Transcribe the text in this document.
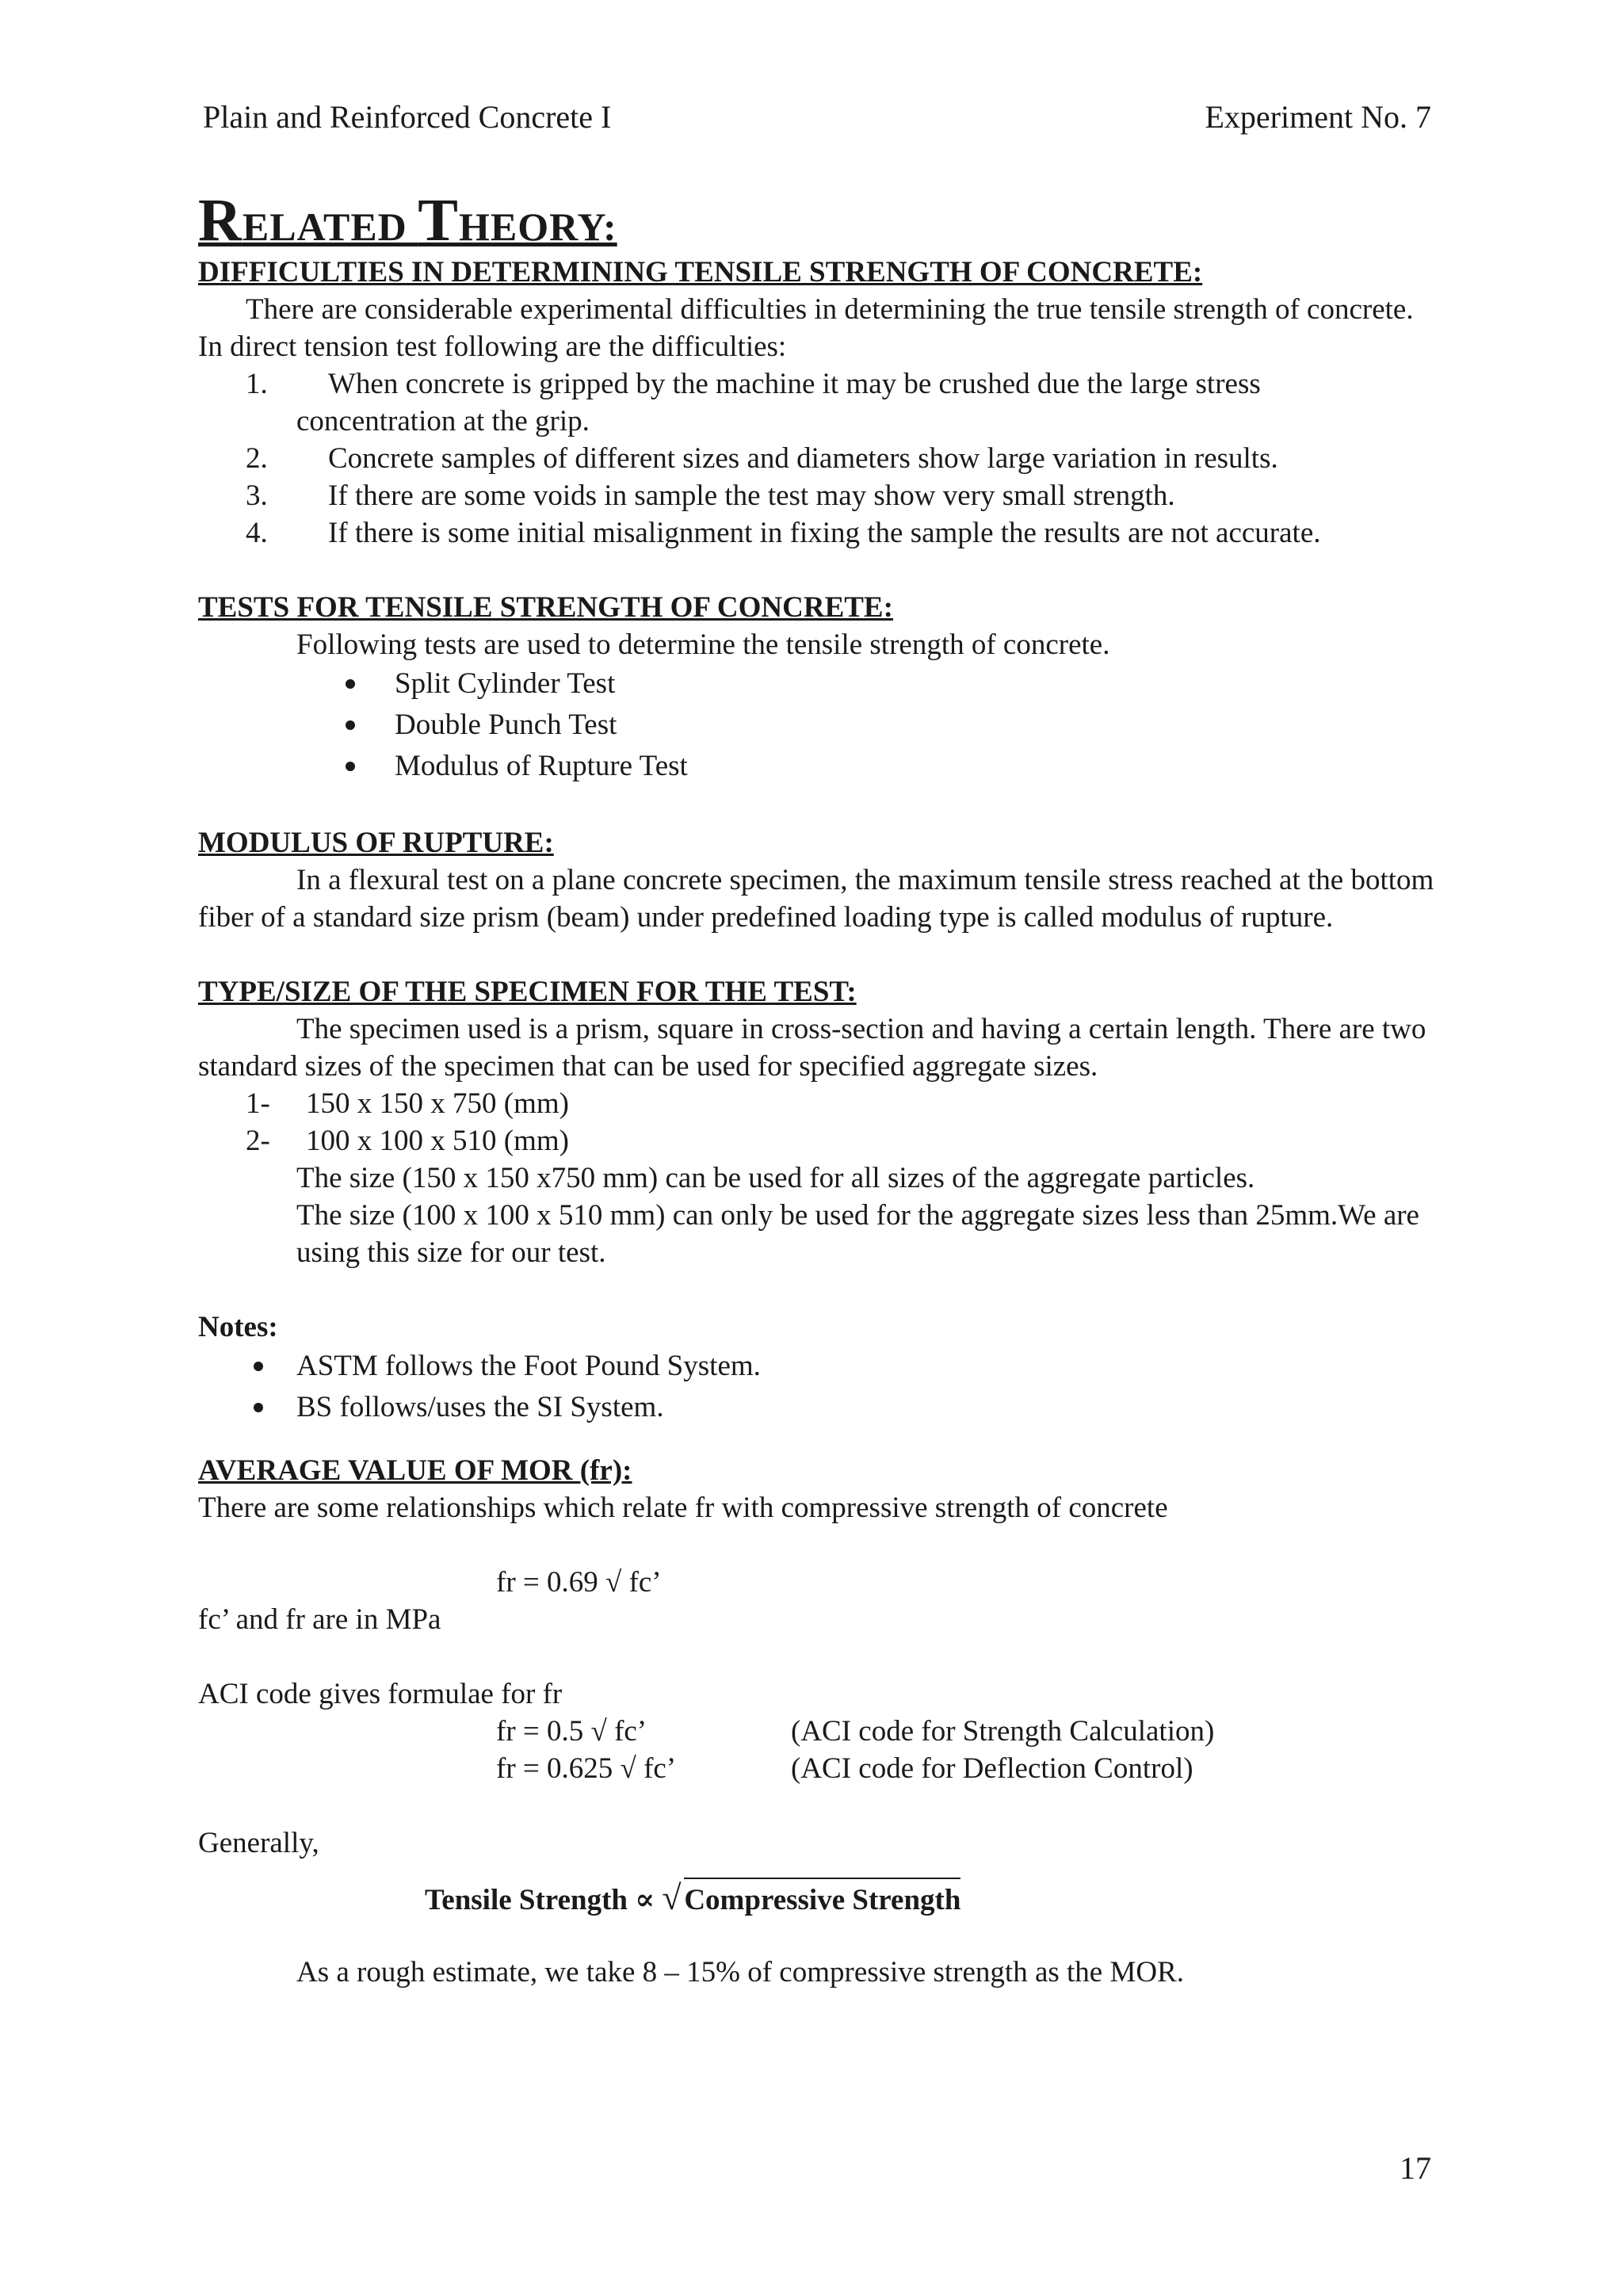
Plain and Reinforced Concrete I	Experiment No. 7
RELATED THEORY:

DIFFICULTIES IN DETERMINING TENSILE STRENGTH OF CONCRETE:

There are considerable experimental difficulties in determining the true tensile strength of concrete. In direct tension test following are the difficulties:

1.	When concrete is gripped by the machine it may be crushed due the large stress
concentration at the grip.
2.	Concrete samples of different sizes and diameters show large variation in results.
3.	If there are some voids in sample the test may show very small strength.
4.	If there is some initial misalignment in fixing the sample the results are not accurate.

TESTS FOR TENSILE STRENGTH OF CONCRETE:

Following tests are used to determine the tensile strength of concrete.

Split Cylinder Test
Double Punch Test
Modulus of Rupture Test

MODULUS OF RUPTURE:

In a flexural test on a plane concrete specimen, the maximum tensile stress reached at the bottom fiber of a standard size prism (beam) under predefined loading type is called modulus of rupture.

TYPE/SIZE OF THE SPECIMEN FOR THE TEST:

The specimen used is a prism, square in cross-section and having a certain length. There are two standard sizes of the specimen that can be used for specified aggregate sizes.

1- 150 x 150 x 750 (mm)
2- 100 x 100 x 510 (mm)

The size (150 x 150 x750 mm) can be used for all sizes of the aggregate particles.

The size (100 x 100 x 510 mm) can only be used for the aggregate sizes less than 25mm.We are using this size for our test.

Notes:

ASTM follows the Foot Pound System.
BS follows/uses the SI System.

AVERAGE VALUE OF MOR (fr):

There are some relationships which relate fr with compressive strength of concrete

fr = 0.69 √ fc’

fc’ and fr are in MPa

ACI code gives formulae for fr

fr = 0.5 √ fc’	(ACI code for Strength Calculation)
fr = 0.625 √ fc’	(ACI code for Deflection Control)

Generally,

Tensile Strength ∝ √ Compressive Strength

As a rough estimate, we take 8 – 15% of compressive strength as the MOR.

17
